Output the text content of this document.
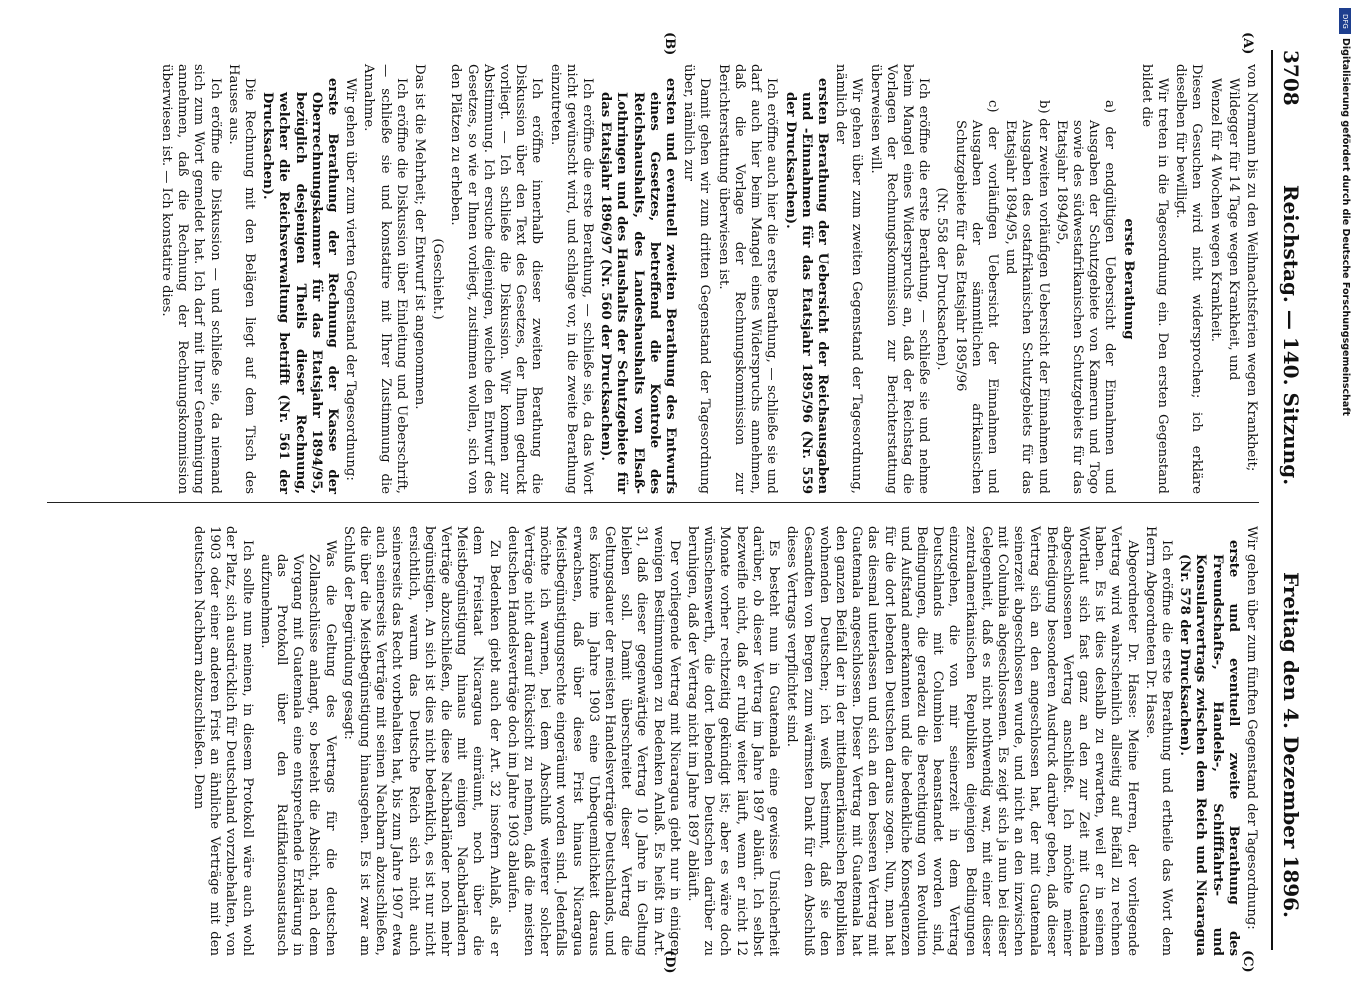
3708
Reichstag. — 140. Sitzung.
Freitag den 4. Dezember 1896.
(A)
(B)
(C)
(D)

von Normann bis zu den Weihnachtsferien wegen Krankheit;

Wildegger für 14 Tage wegen Krankheit, und

Wenzel für 4 Wochen wegen Krankheit.

Diesen Gesuchen wird nicht widersprochen; ich erkläre dieselben für bewilligt.

Wir treten in die Tagesordnung ein. Den ersten Gegenstand bildet die

erste Berathung

a) der endgültigen Uebersicht der Einnahmen und Ausgaben der Schutzgebiete von Kamerun und Togo sowie des südwestafrikanischen Schutzgebiets für das Etatsjahr 1894/95,

b) der zweiten vorläufigen Uebersicht der Einnahmen und Ausgaben des ostafrikanischen Schutzgebiets für das Etatsjahr 1894/95, und

c) der vorläufigen Uebersicht der Einnahmen und Ausgaben der sämmtlichen afrikanischen Schutzgebiete für das Etatsjahr 1895/96

(Nr. 558 der Drucksachen).

Ich eröffne die erste Berathung, — schließe sie und nehme beim Mangel eines Widerspruchs an, daß der Reichstag die Vorlagen der Rechnungskommission zur Berichterstattung überweisen will.

Wir gehen über zum zweiten Gegenstand der Tagesordnung, nämlich der

ersten Berathung der Uebersicht der Reichsausgaben und -Einnahmen für das Etatsjahr 1895/96 (Nr. 559 der Drucksachen).

Ich eröffne auch hier die erste Berathung, — schließe sie und darf auch hier beim Mangel eines Widerspruchs annehmen, daß die Vorlage der Rechnungskommission zur Berichterstattung überwiesen ist.

Damit gehen wir zum dritten Gegenstand der Tagesordnung über, nämlich zur

ersten und eventuell zweiten Berathung des Entwurfs eines Gesetzes, betreffend die Kontrole des Reichshaushalts, des Landeshaushalts von Elsaß-Lothringen und des Haushalts der Schutzgebiete für das Etatsjahr 1896/97 (Nr. 560 der Drucksachen).

Ich eröffne die erste Berathung, — schließe sie, da das Wort nicht gewünscht wird, und schlage vor, in die zweite Berathung einzutreten.

Ich eröffne innerhalb dieser zweiten Berathung die Diskussion über den Text des Gesetzes, der Ihnen gedruckt vorliegt. — Ich schließe die Diskussion. Wir kommen zur Abstimmung. Ich ersuche diejenigen, welche den Entwurf des Gesetzes, so wie er Ihnen vorliegt, zustimmen wollen, sich von den Plätzen zu erheben.

(Geschieht.)

Das ist die Mehrheit; der Entwurf ist angenommen.

Ich eröffne die Diskussion über Einleitung und Ueberschrift, — schließe sie und konstatire mit Ihrer Zustimmung die Annahme.

Wir gehen über zum vierten Gegenstand der Tagesordnung:

erste Berathung der Rechnung der Kasse der Oberrechnungskammer für das Etatsjahr 1894/95, bezüglich desjenigen Theils dieser Rechnung, welcher die Reichsverwaltung betrifft (Nr. 561 der Drucksachen).

Die Rechnung mit den Belägen liegt auf dem Tisch des Hauses aus.

Ich eröffne die Diskussion — und schließe sie, da niemand sich zum Wort gemeldet hat. Ich darf mit Ihrer Genehmigung annehmen, daß die Rechnung der Rechnungskommission überwiesen ist. — Ich konstatire dies.

Wir gehen über zum fünften Gegenstand der Tagesordnung:

erste und eventuell zweite Berathung des Freundschafts-, Handels-, Schifffahrts- und Konsularvertrags zwischen dem Reich und Nicaragua (Nr. 578 der Drucksachen).

Ich eröffne die erste Berathung und ertheile das Wort dem Herrn Abgeordneten Dr. Hasse.

Abgeordneter Dr. Hasse: Meine Herren, der vorliegende Vertrag wird wahrscheinlich allseitig auf Beifall zu rechnen haben. Es ist dies deshalb zu erwarten, weil er in seinem Wortlaut sich fast ganz an den zur Zeit mit Guatemala abgeschlossenen Vertrag anschließt. Ich möchte meiner Befriedigung besonderen Ausdruck darüber geben, daß dieser Vertrag sich an den angeschlossen hat, der mit Guatemala seinerzeit abgeschlossen wurde, und nicht an den inzwischen mit Columbia abgeschlossenen. Es zeigt sich ja nun bei dieser Gelegenheit, daß es nicht nothwendig war, mit einer dieser zentralamerikanischen Republiken diejenigen Bedingungen einzugehen, die von mir seinerzeit in dem Vertrag Deutschlands mit Columbien beanstandet worden sind, Bedingungen, die geradezu die Berechtigung von Revolution und Aufstand anerkannten und die bedenkliche Konsequenzen für die dort lebenden Deutschen daraus zogen. Nun, man hat das diesmal unterlassen und sich an den besseren Vertrag mit Guatemala angeschlossen. Dieser Vertrag mit Guatemala hat den ganzen Beifall der in der mittelamerikanischen Republiken wohnenden Deutschen; ich weiß bestimmt, daß sie den Gesandten von Bergen zum wärmsten Dank für den Abschluß dieses Vertrags verpflichtet sind.

Es besteht nun in Guatemala eine gewisse Unsicherheit darüber, ob dieser Vertrag im Jahre 1897 abläuft. Ich selbst bezweifle nicht, daß er ruhig weiter läuft, wenn er nicht 12 Monate vorher rechtzeitig gekündigt ist; aber es wäre doch wünschenswerth, die dort lebenden Deutschen darüber zu beruhigen, daß der Vertrag nicht im Jahre 1897 abläuft.

Der vorliegende Vertrag mit Nicaragua giebt nur in einigen wenigen Bestimmungen zu Bedenken Anlaß. Es heißt im Art. 31, daß dieser gegenwärtige Vertrag 10 Jahre in Geltung bleiben soll. Damit überschreitet dieser Vertrag die Geltungsdauer der meisten Handelsverträge Deutschlands, und es könnte im Jahre 1903 eine Unbequemlichkeit daraus erwachsen, daß über diese Frist hinaus Nicaragua Meistbegünstigungsrechte eingeräumt worden sind. Jedenfalls möchte ich warnen, bei dem Abschluß weiterer solcher Verträge nicht darauf Rücksicht zu nehmen, daß die meisten deutschen Handelsverträge doch im Jahre 1903 ablaufen.

Zu Bedenken giebt auch der Art. 32 insofern Anlaß, als er dem Freistaat Nicaragua einräumt, noch über die Meistbegünstigung hinaus mit einigen Nachbarländern Verträge abzuschließen, die diese Nachbarländer noch mehr begünstigen. An sich ist dies nicht bedenklich, es ist nur nicht ersichtlich, warum das Deutsche Reich sich nicht auch seinerseits das Recht vorbehalten hat, bis zum Jahre 1907 etwa auch seinerseits Verträge mit seinen Nachbarn abzuschließen, die über die Meistbegünstigung hinausgehen. Es ist zwar am Schluß der Begründung gesagt:

Was die Geltung des Vertrags für die deutschen Zollanschlüsse anlangt, so besteht die Absicht, nach dem Vorgang mit Guatemala eine entsprechende Erklärung in das Protokoll über den Ratifikationsaustausch aufzunehmen.

Ich sollte nun meinen, in diesem Protokoll wäre auch wohl der Platz, sich ausdrücklich für Deutschland vorzubehalten, von 1903 oder einer anderen Frist an ähnliche Verträge mit den deutschen Nachbarn abzuschließen. Denn

DFG
Digitalisierung gefördert durch die Deutsche Forschungsgemeinschaft
